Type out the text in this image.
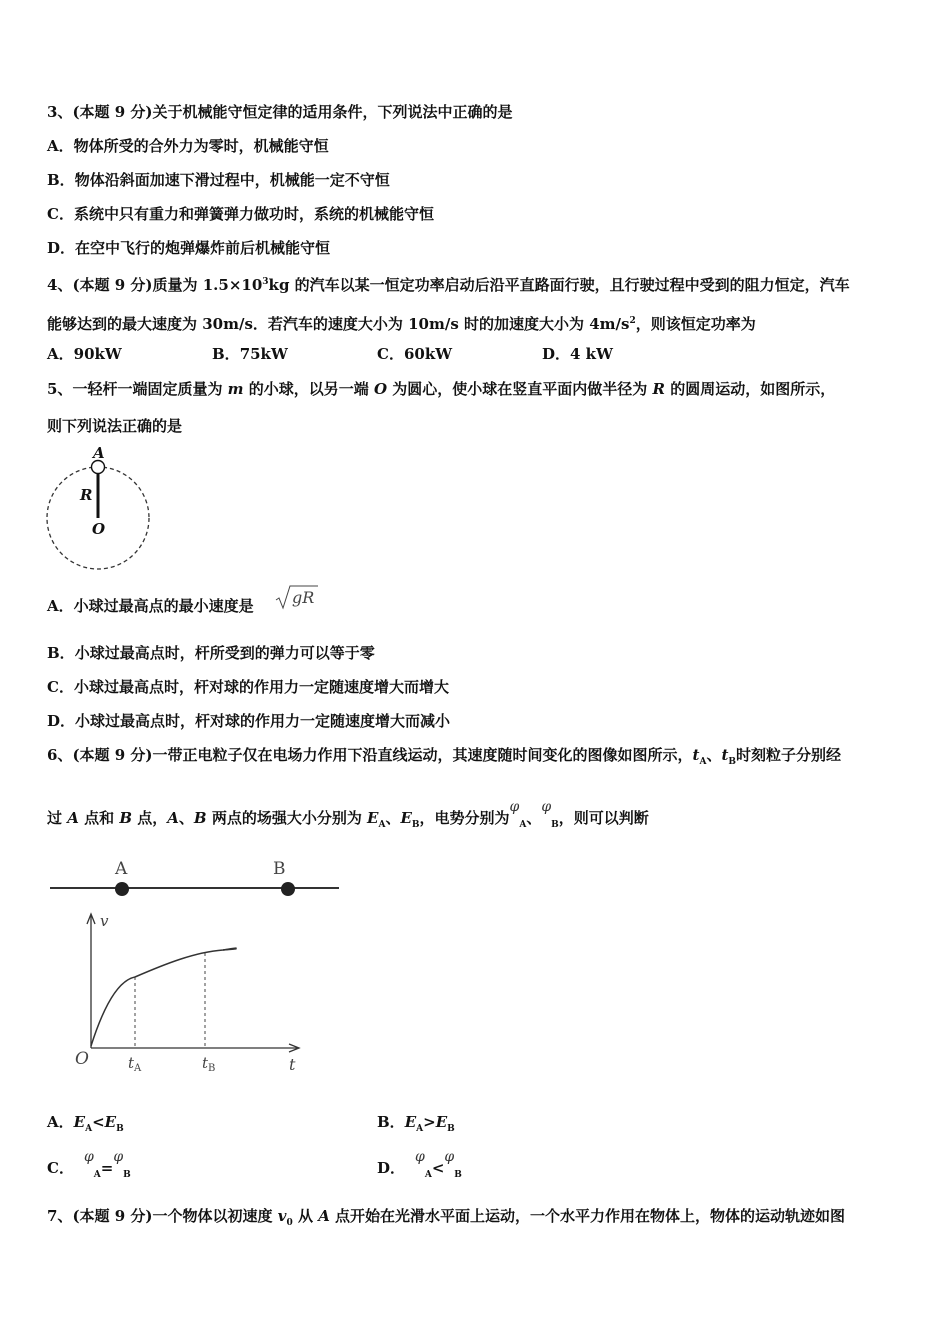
3、(本题 9 分)关于机械能守恒定律的适用条件，下列说法中正确的是
A．物体所受的合外力为零时，机械能守恒
B．物体沿斜面加速下滑过程中，机械能一定不守恒
C．系统中只有重力和弹簧弹力做功时，系统的机械能守恒
D．在空中飞行的炮弹爆炸前后机械能守恒
4、(本题 9 分)质量为 $1.5\times 10^3kg$ 的汽车以某一恒定功率启动后沿平直路面行驶，且行驶过程中受到的阻力恒定，汽车
能够达到的最大速度为 30m/s．若汽车的速度大小为 10m/s 时的加速度大小为 $4m/s^2$，则该恒定功率为
A．90kW	B．75kW	C．60kW	D．4 kW
5、一轻杆一端固定质量为 m 的小球，以另一端 O 为圆心，使小球在竖直平面内做半径为 R 的圆周运动，如图所示，
则下列说法正确的是
A
R
O
A．小球过最高点的最小速度是 gR
B．小球过最高点时，杆所受到的弹力可以等于零
C．小球过最高点时，杆对球的作用力一定随速度增大而增大
D．小球过最高点时，杆对球的作用力一定随速度增大而减小
6、(本题 9 分)一带正电粒子仅在电场力作用下沿直线运动，其速度随时间变化的图像如图所示，$t_A$、$t_B$时刻粒子分别经
过 A 点和 B 点，A、B 两点的场强大小分别为 $E_A$、$E_B$，电势分别为$\varphi_A$、$\varphi_B$，则可以判断
A	B
v
t
O	$t_A$	$t_B$
A．$E_A<E_B$	B．$E_A>E_B$
C．$\varphi_A=\varphi_B$	D．$\varphi_A<\varphi_B$
7、(本题 9 分)一个物体以初速度 $v_0$ 从 A 点开始在光滑水平面上运动，一个水平力作用在物体上，物体的运动轨迹如图
